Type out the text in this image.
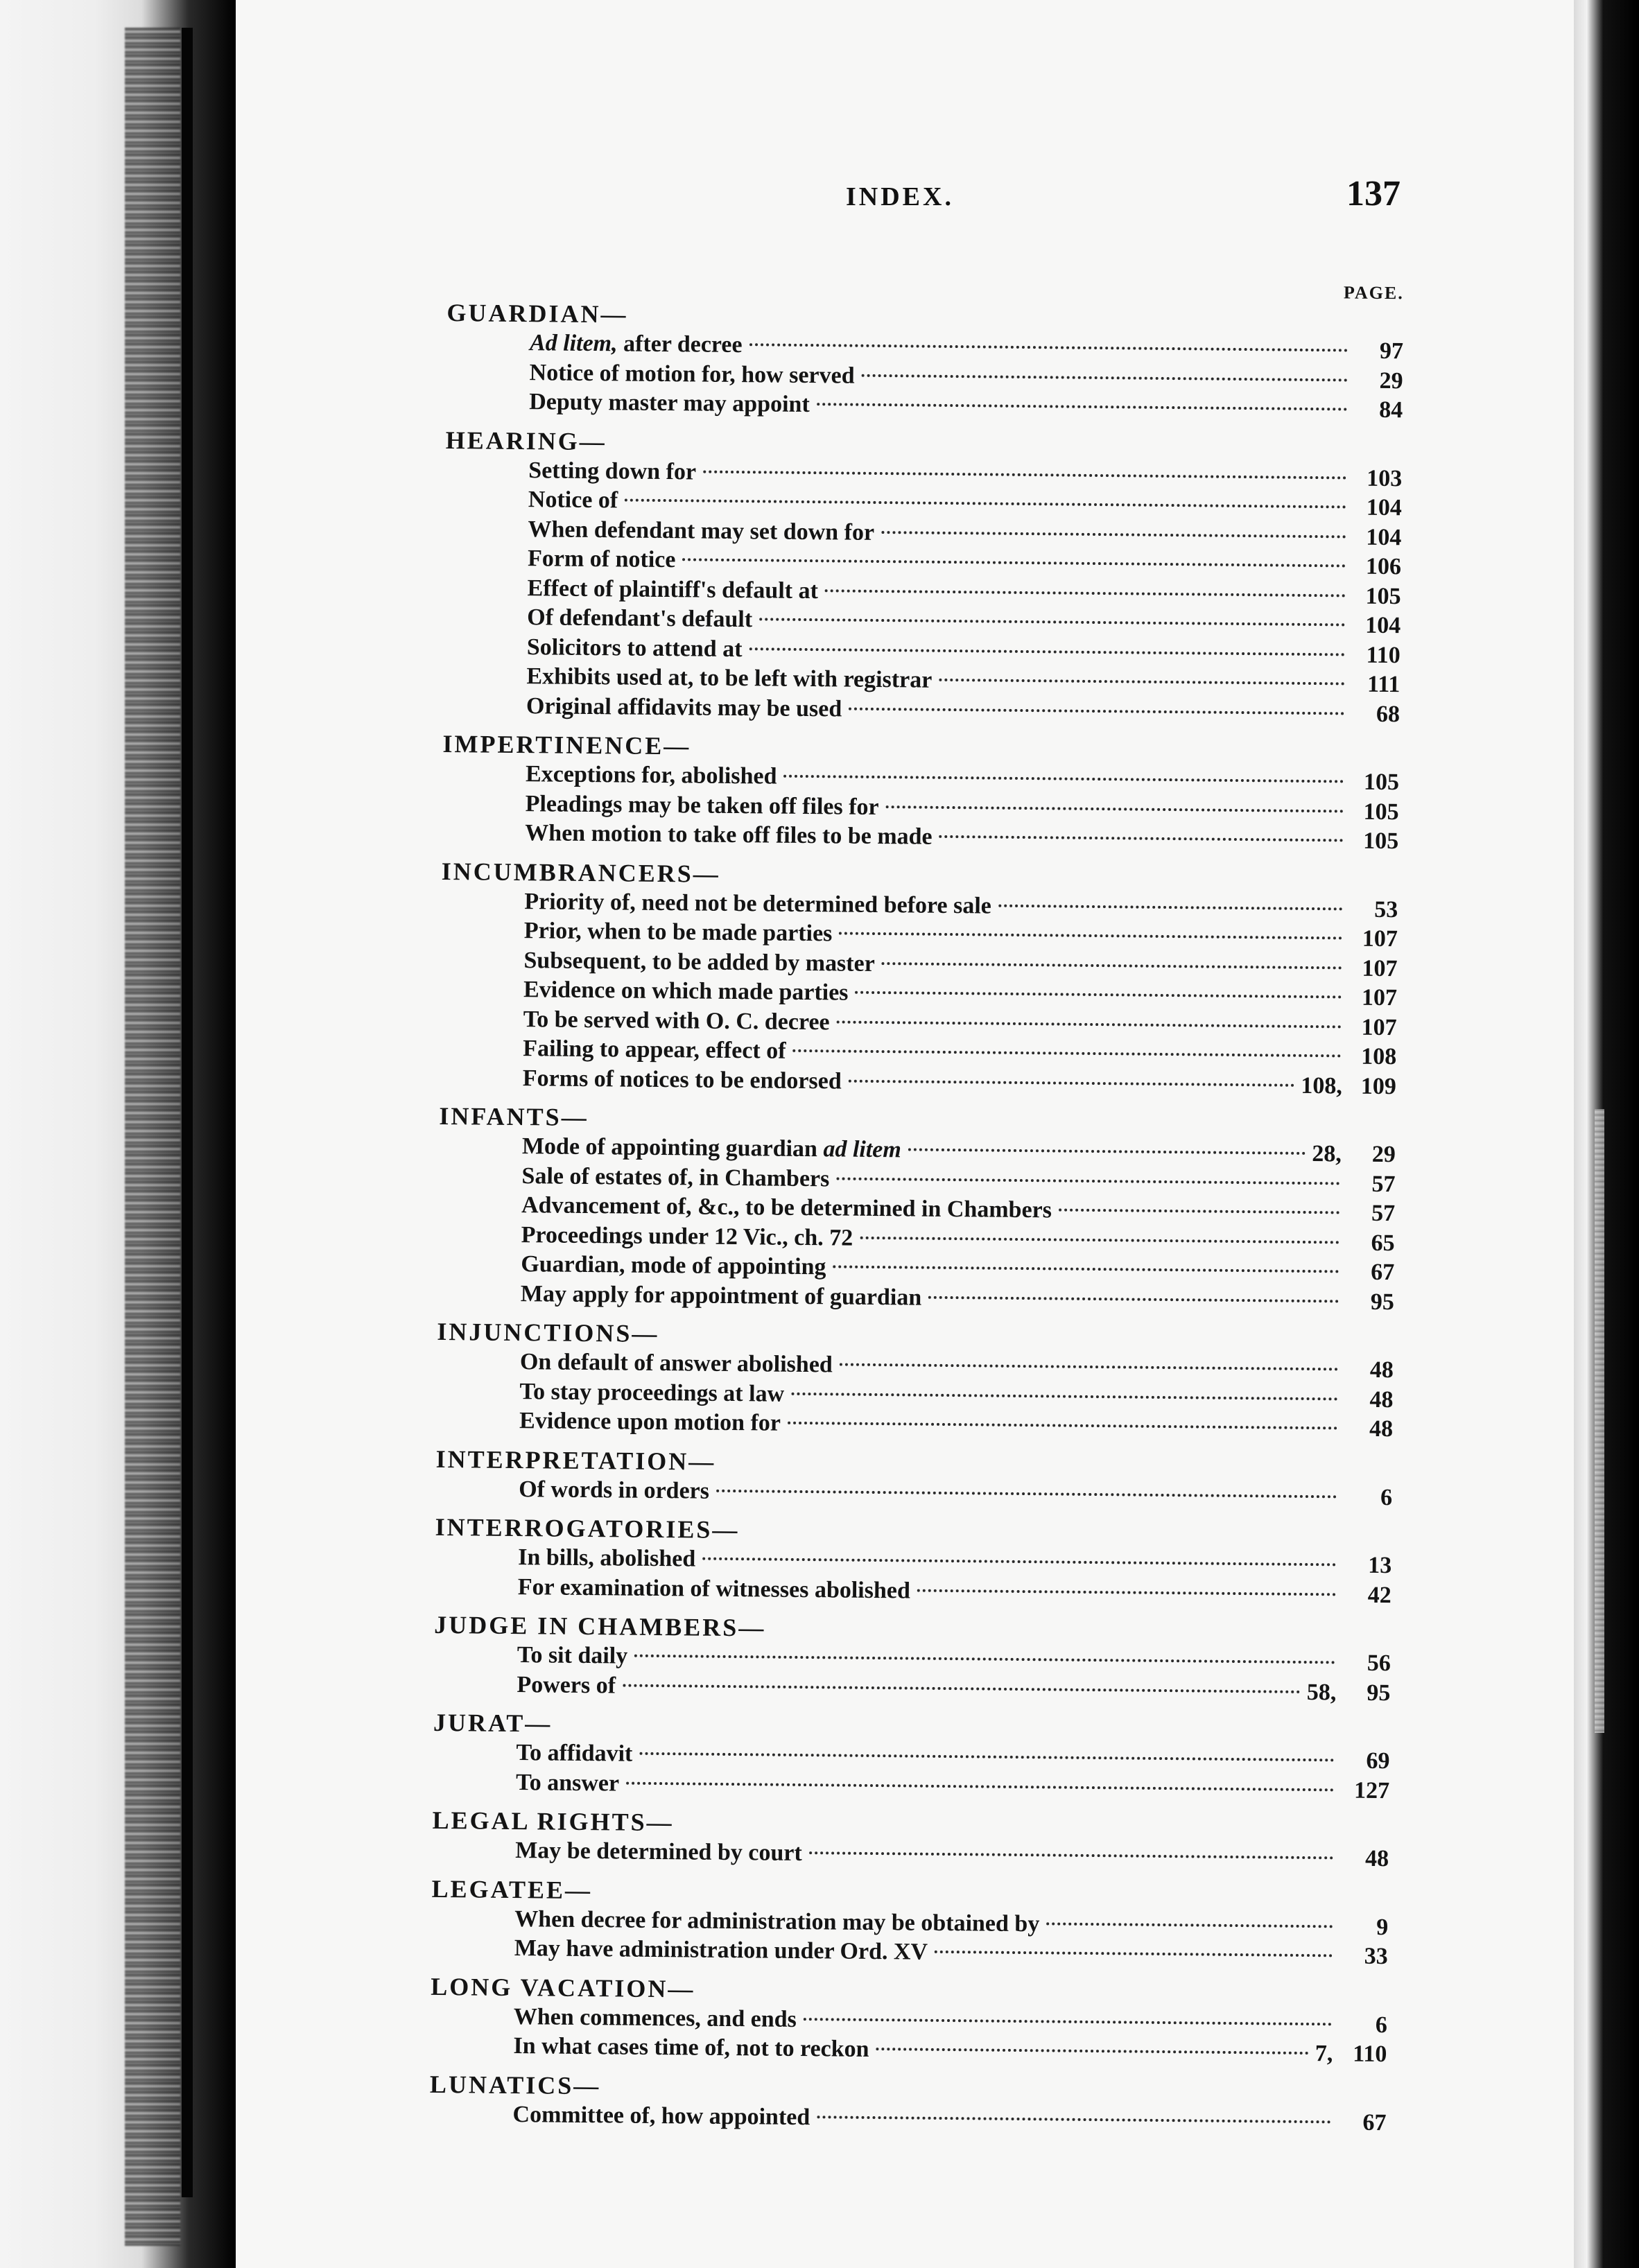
INDEX.	137
PAGE.
GUARDIAN—
Ad litem, after decree	97
Notice of motion for, how served	29
Deputy master may appoint	84
HEARING—
Setting down for	103
Notice of	104
When defendant may set down for	104
Form of notice	106
Effect of plaintiff's default at	105
Of defendant's default	104
Solicitors to attend at	110
Exhibits used at, to be left with registrar	111
Original affidavits may be used	68
IMPERTINENCE—
Exceptions for, abolished	105
Pleadings may be taken off files for	105
When motion to take off files to be made	105
INCUMBRANCERS—
Priority of, need not be determined before sale	53
Prior, when to be made parties	107
Subsequent, to be added by master	107
Evidence on which made parties	107
To be served with O. C. decree	107
Failing to appear, effect of	108
Forms of notices to be endorsed	108, 109
INFANTS—
Mode of appointing guardian ad litem	28, 29
Sale of estates of, in Chambers	57
Advancement of, &c., to be determined in Chambers	57
Proceedings under 12 Vic., ch. 72	65
Guardian, mode of appointing	67
May apply for appointment of guardian	95
INJUNCTIONS—
On default of answer abolished	48
To stay proceedings at law	48
Evidence upon motion for	48
INTERPRETATION—
Of words in orders	6
INTERROGATORIES—
In bills, abolished	13
For examination of witnesses abolished	42
JUDGE IN CHAMBERS—
To sit daily	56
Powers of	58, 95
JURAT—
To affidavit	69
To answer	127
LEGAL RIGHTS—
May be determined by court	48
LEGATEE—
When decree for administration may be obtained by	9
May have administration under Ord. XV	33
LONG VACATION—
When commences, and ends	6
In what cases time of, not to reckon	7, 110
LUNATICS—
Committee of, how appointed	67
